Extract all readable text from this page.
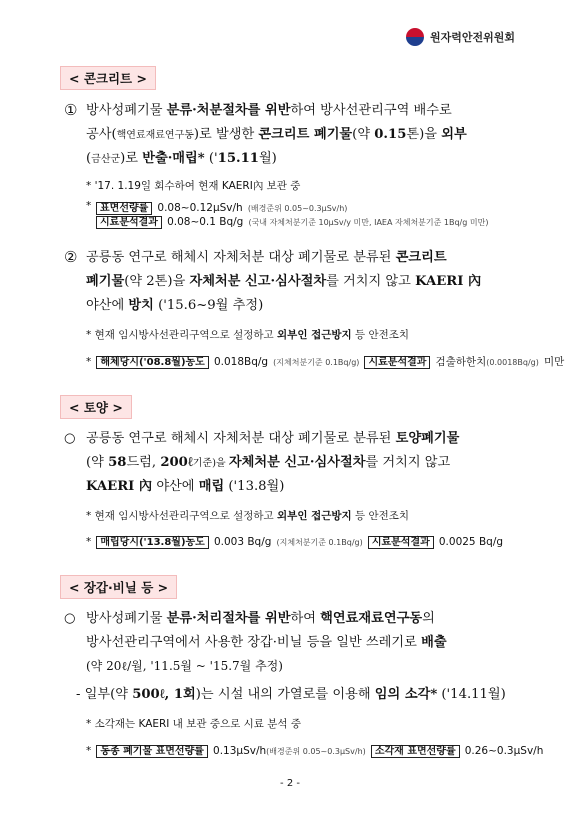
원자력안전위원회
< 콘크리트 >
① 방사성폐기물 분류·처분절차를 위반하여 방사선관리구역 배수로
공사(핵연료재료연구동)로 발생한 콘크리트 폐기물(약 0.15톤)을 외부
(금산군)로 반출·매립* ('15.11월)
* '17. 1.19일 회수하여 현재 KAERI內 보관 중
* 표면선량률 0.08~0.12μSv/h (배경준위 0.05~0.3μSv/h)
시료분석결과 0.08~0.1 Bq/g (국내 자체처분기준 10μSv/y 미만, IAEA 자체처분기준 1Bq/g 미만)
② 공릉동 연구로 해체시 자체처분 대상 폐기물로 분류된 콘크리트
폐기물(약 2톤)을 자체처분 신고·심사절차를 거치지 않고 KAERI 內
야산에 방치 ('15.6~9월 추정)
* 현재 임시방사선관리구역으로 설정하고 외부인 접근방지 등 안전조치
* 해체당시('08.8월)농도 0.018Bq/g (지체처분기준 0.1Bq/g) 시료분석결과 검출하한치(0.0018Bq/g) 미만
< 토양 >
○ 공릉동 연구로 해체시 자체처분 대상 폐기물로 분류된 토양폐기물
(약 58드럼, 200ℓ기준)을 자체처분 신고·심사절차를 거치지 않고
KAERI 內 야산에 매립 ('13.8월)
* 현재 임시방사선관리구역으로 설정하고 외부인 접근방지 등 안전조치
* 매립당시('13.8월)농도 0.003 Bq/g (지체처분기준 0.1Bq/g) 시료분석결과 0.0025 Bq/g
< 장갑·비닐 등 >
○ 방사성폐기물 분류·처리절차를 위반하여 핵연료재료연구동의
방사선관리구역에서 사용한 장갑·비닐 등을 일반 쓰레기로 배출
(약 20ℓ/월, '11.5월 ~ '15.7월 추정)
- 일부(약 500ℓ, 1회)는 시설 내의 가열로를 이용해 임의 소각* ('14.11월)
* 소각재는 KAERI 내 보관 중으로 시료 분석 중
* 동종 폐기물 표면선량률 0.13μSv/h(배경준위 0.05~0.3μSv/h) 소각재 표면선량률 0.26~0.3μSv/h
- 2 -
